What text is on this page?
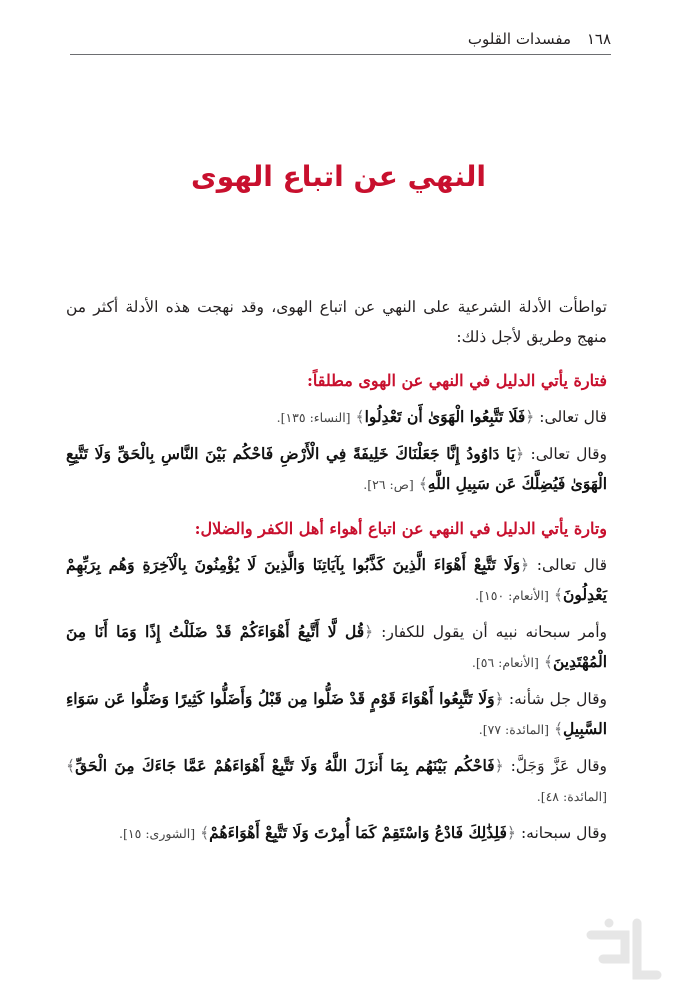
١٦٨
مفسدات القلوب
النهي عن اتباع الهوى

تواطأت الأدلة الشرعية على النهي عن اتباع الهوى، وقد نهجت هذه الأدلة أكثر من منهج وطريق لأجل ذلك:

فتارة يأتي الدليل في النهي عن الهوى مطلقاً:

قال تعالى: ﴿فَلَا تَتَّبِعُوا الْهَوَىٰ أَن تَعْدِلُوا﴾ [النساء: ١٣٥].

وقال تعالى: ﴿يَا دَاوُودُ إِنَّا جَعَلْنَاكَ خَلِيفَةً فِي الْأَرْضِ فَاحْكُم بَيْنَ النَّاسِ بِالْحَقِّ وَلَا تَتَّبِعِ الْهَوَىٰ فَيُضِلَّكَ عَن سَبِيلِ اللَّهِ﴾ [ص: ٢٦].

وتارة يأتي الدليل في النهي عن اتباع أهواء أهل الكفر والضلال:

قال تعالى: ﴿وَلَا تَتَّبِعْ أَهْوَاءَ الَّذِينَ كَذَّبُوا بِآيَاتِنَا وَالَّذِينَ لَا يُؤْمِنُونَ بِالْآخِرَةِ وَهُم بِرَبِّهِمْ يَعْدِلُونَ﴾ [الأنعام: ١٥٠].

وأمر سبحانه نبيه أن يقول للكفار: ﴿قُل لَّا أَتَّبِعُ أَهْوَاءَكُمْ قَدْ ضَلَلْتُ إِذًا وَمَا أَنَا مِنَ الْمُهْتَدِينَ﴾ [الأنعام: ٥٦].

وقال جل شأنه: ﴿وَلَا تَتَّبِعُوا أَهْوَاءَ قَوْمٍ قَدْ ضَلُّوا مِن قَبْلُ وَأَضَلُّوا كَثِيرًا وَضَلُّوا عَن سَوَاءِ السَّبِيلِ﴾ [المائدة: ٧٧].

وقال عَزَّ وَجَلَّ: ﴿فَاحْكُم بَيْنَهُم بِمَا أَنزَلَ اللَّهُ وَلَا تَتَّبِعْ أَهْوَاءَهُمْ عَمَّا جَاءَكَ مِنَ الْحَقِّ﴾ [المائدة: ٤٨].

وقال سبحانه: ﴿فَلِذَٰلِكَ فَادْعُ وَاسْتَقِمْ كَمَا أُمِرْتَ وَلَا تَتَّبِعْ أَهْوَاءَهُمْ﴾ [الشورى: ١٥].
